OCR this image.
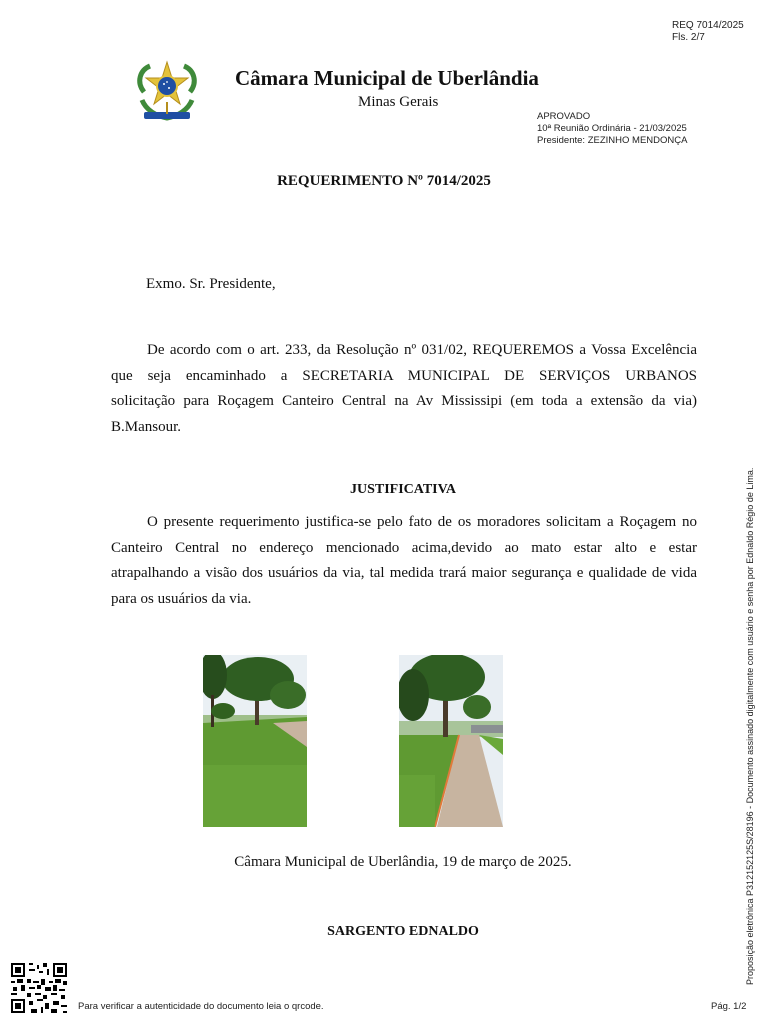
REQ 7014/2025
Fls. 2/7
Câmara Municipal de Uberlândia
Minas Gerais
APROVADO
10ª Reunião Ordinária - 21/03/2025
Presidente: ZEZINHO MENDONÇA
REQUERIMENTO Nº 7014/2025
Exmo. Sr. Presidente,
De acordo com o art. 233, da Resolução nº 031/02, REQUEREMOS a Vossa Excelência
que seja encaminhado a SECRETARIA MUNICIPAL DE SERVIÇOS URBANOS
solicitação para Roçagem Canteiro Central na Av Mississipi (em toda a extensão da via)
B.Mansour.
JUSTIFICATIVA
O presente requerimento justifica-se pelo fato de os moradores solicitam a Roçagem no
Canteiro Central no endereço mencionado acima,devido ao mato estar alto e estar
atrapalhando a visão dos usuários da via, tal medida trará maior segurança e qualidade de vida
para os usuários da via.
Câmara Municipal de Uberlândia, 19 de março de 2025.
SARGENTO EDNALDO
Para verificar a autenticidade do documento leia o qrcode.	Pág. 1/2
Proposição eletrônica P312152125S/28196 - Documento assinado digitalmente com usuário e senha por Ednaldo Régio de Lima.
